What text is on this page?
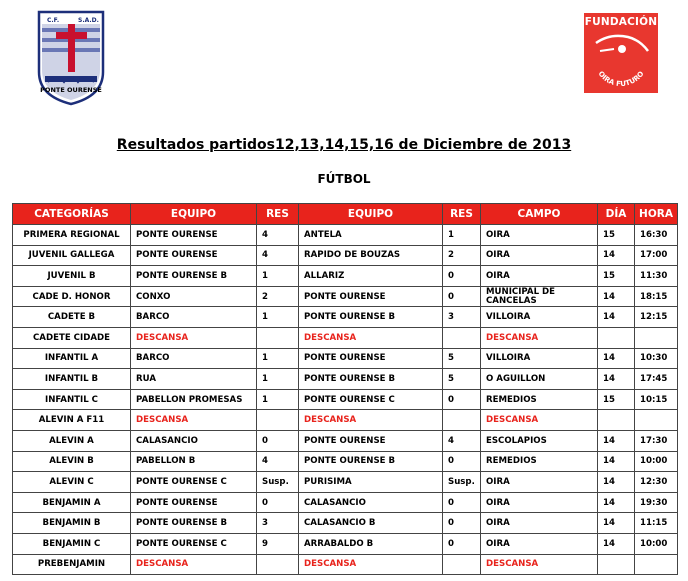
C.F.	S.A.D.
PONTE OURENSE
FUNDACIÓN
OIRA FUTURO
Resultados partidos12,13,14,15,16 de Diciembre de 2013
FÚTBOL
CATEGORÍAS	EQUIPO	RES	EQUIPO	RES	CAMPO	DÍA	HORA
PRIMERA REGIONAL	PONTE OURENSE	4	ANTELA	1	OIRA	15	16:30
JUVENIL GALLEGA	PONTE OURENSE	4	RAPIDO DE BOUZAS	2	OIRA	14	17:00
JUVENIL B	PONTE OURENSE B	1	ALLARIZ	0	OIRA	15	11:30
CADE D. HONOR	CONXO	2	PONTE OURENSE	0	MUNICIPAL DE CANCELAS	14	18:15
CADETE B	BARCO	1	PONTE OURENSE B	3	VILLOIRA	14	12:15
CADETE CIDADE	DESCANSA		DESCANSA		DESCANSA		
INFANTIL A	BARCO	1	PONTE OURENSE	5	VILLOIRA	14	10:30
INFANTIL B	RUA	1	PONTE OURENSE B	5	O AGUILLON	14	17:45
INFANTIL C	PABELLON PROMESAS	1	PONTE OURENSE C	0	REMEDIOS	15	10:15
ALEVIN A F11	DESCANSA		DESCANSA		DESCANSA		
ALEVIN A	CALASANCIO	0	PONTE OURENSE	4	ESCOLAPIOS	14	17:30
ALEVIN B	PABELLON B	4	PONTE OURENSE B	0	REMEDIOS	14	10:00
ALEVIN C	PONTE OURENSE C	Susp.	PURISIMA	Susp.	OIRA	14	12:30
BENJAMIN A	PONTE OURENSE	0	CALASANCIO	0	OIRA	14	19:30
BENJAMIN B	PONTE OURENSE B	3	CALASANCIO B	0	OIRA	14	11:15
BENJAMIN C	PONTE OURENSE C	9	ARRABALDO B	0	OIRA	14	10:00
PREBENJAMIN	DESCANSA		DESCANSA		DESCANSA		
